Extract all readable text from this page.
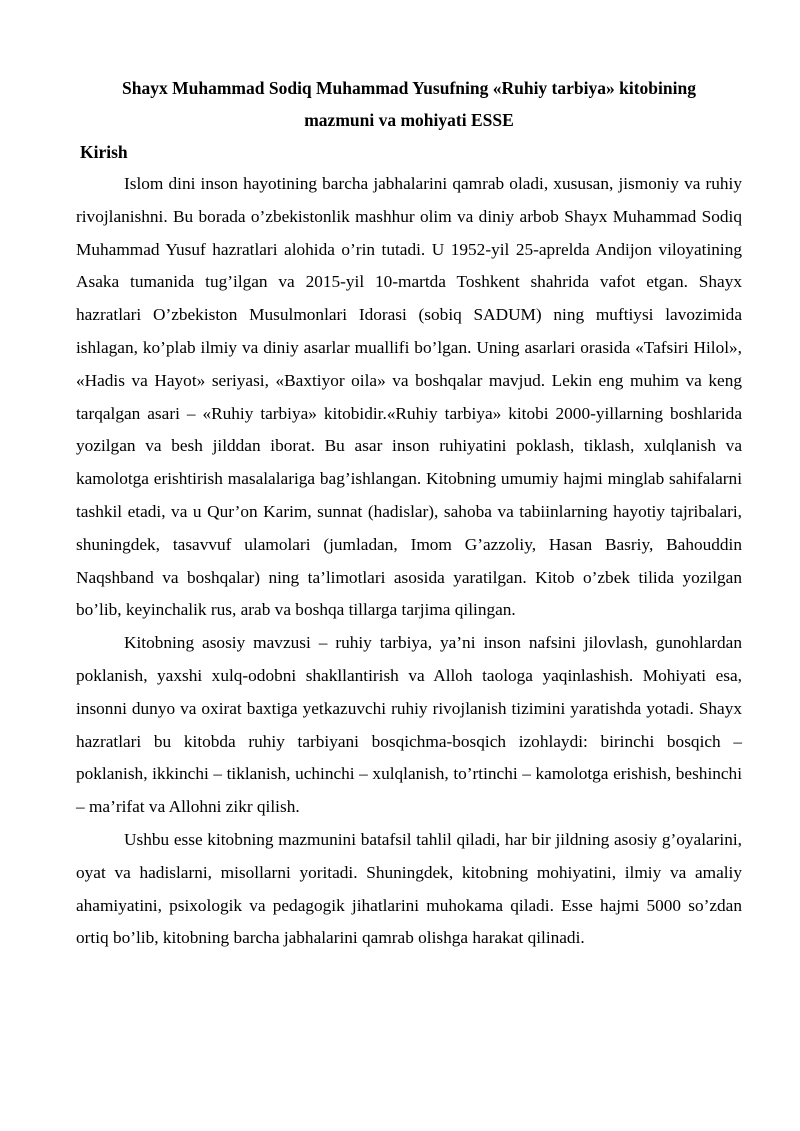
Shayx Muhammad Sodiq Muhammad Yusufning «Ruhiy tarbiya» kitobining
mazmuni va mohiyati ESSE
Kirish

Islom dini inson hayotining barcha jabhalarini qamrab oladi, xususan, jismoniy va ruhiy rivojlanishni. Bu borada o’zbekistonlik mashhur olim va diniy arbob Shayx Muhammad Sodiq Muhammad Yusuf hazratlari alohida o’rin tutadi. U 1952-yil 25-aprelda Andijon viloyatining Asaka tumanida tug’ilgan va 2015-yil 10-martda Toshkent shahrida vafot etgan. Shayx hazratlari O’zbekiston Musulmonlari Idorasi (sobiq SADUM) ning muftiysi lavozimida ishlagan, ko’plab ilmiy va diniy asarlar muallifi bo’lgan. Uning asarlari orasida «Tafsiri Hilol», «Hadis va Hayot» seriyasi, «Baxtiyor oila» va boshqalar mavjud. Lekin eng muhim va keng tarqalgan asari – «Ruhiy tarbiya» kitobidir.«Ruhiy tarbiya» kitobi 2000-yillarning boshlarida yozilgan va besh jilddan iborat. Bu asar inson ruhiyatini poklash, tiklash, xulqlanish va kamolotga erishtirish masalalariga bag’ishlangan. Kitobning umumiy hajmi minglab sahifalarni tashkil etadi, va u Qur’on Karim, sunnat (hadislar), sahoba va tabiinlarning hayotiy tajribalari, shuningdek, tasavvuf ulamolari (jumladan, Imom G’azzoliy, Hasan Basriy, Bahouddin Naqshband va boshqalar) ning ta’limotlari asosida yaratilgan. Kitob o’zbek tilida yozilgan bo’lib, keyinchalik rus, arab va boshqa tillarga tarjima qilingan.

Kitobning asosiy mavzusi – ruhiy tarbiya, ya’ni inson nafsini jilovlash, gunohlardan poklanish, yaxshi xulq-odobni shakllantirish va Alloh taologa yaqinlashish. Mohiyati esa, insonni dunyo va oxirat baxtiga yetkazuvchi ruhiy rivojlanish tizimini yaratishda yotadi. Shayx hazratlari bu kitobda ruhiy tarbiyani bosqichma-bosqich izohlaydi: birinchi bosqich – poklanish, ikkinchi – tiklanish, uchinchi – xulqlanish, to’rtinchi – kamolotga erishish, beshinchi – ma’rifat va Allohni zikr qilish.

Ushbu esse kitobning mazmunini batafsil tahlil qiladi, har bir jildning asosiy g’oyalarini, oyat va hadislarni, misollarni yoritadi. Shuningdek, kitobning mohiyatini, ilmiy va amaliy ahamiyatini, psixologik va pedagogik jihatlarini muhokama qiladi. Esse hajmi 5000 so’zdan ortiq bo’lib, kitobning barcha jabhalarini qamrab olishga harakat qilinadi.
